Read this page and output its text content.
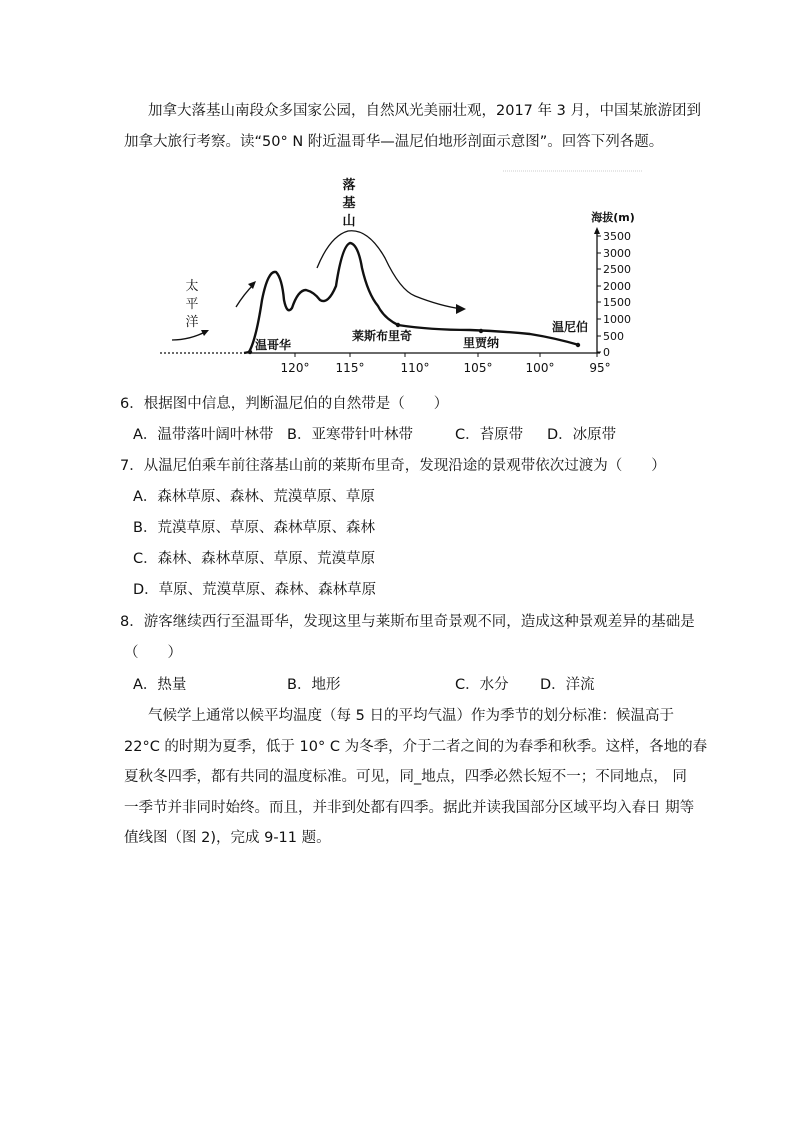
加拿大落基山南段众多国家公园，自然风光美丽壮观，2017 年 3 月，中国某旅游团到
加拿大旅行考察。读“50° N 附近温哥华—温尼伯地形剖面示意图”。回答下列各题。
落
基
山
太
平
洋
温哥华
莱斯布里奇	里贾纳
温尼伯
120° 115°	110°	105°	100°	95°
海拔(m)
3500
3000
2500
2000
1500
1000
500
0
6．根据图中信息，判断温尼伯的自然带是（　　）
A．温带落叶阔叶林带 B．亚寒带针叶林带	C．苔原带 D．冰原带
7．从温尼伯乘车前往落基山前的莱斯布里奇，发现沿途的景观带依次过渡为（　　）
A．森林草原、森林、荒漠草原、草原
B．荒漠草原、草原、森林草原、森林
C．森林、森林草原、草原、荒漠草原
D．草原、荒漠草原、森林、森林草原
8．游客继续西行至温哥华，发现这里与莱斯布里奇景观不同，造成这种景观差异的基础是
（　　）
A．热量	B．地形	C．水分 D．洋流
气候学上通常以候平均温度（每 5 日的平均气温）作为季节的划分标准：候温高于
22°C 的时期为夏季，低于 10° C 为冬季，介于二者之间的为春季和秋季。这样，各地的春
夏秋冬四季，都有共同的温度标准。可见，同_地点，四季必然长短不一；不同地点， 同
一季节并非同时始终。而且，并非到处都有四季。据此并读我国部分区域平均入春日 期等
值线图（图 2)，完成 9-11 题。
